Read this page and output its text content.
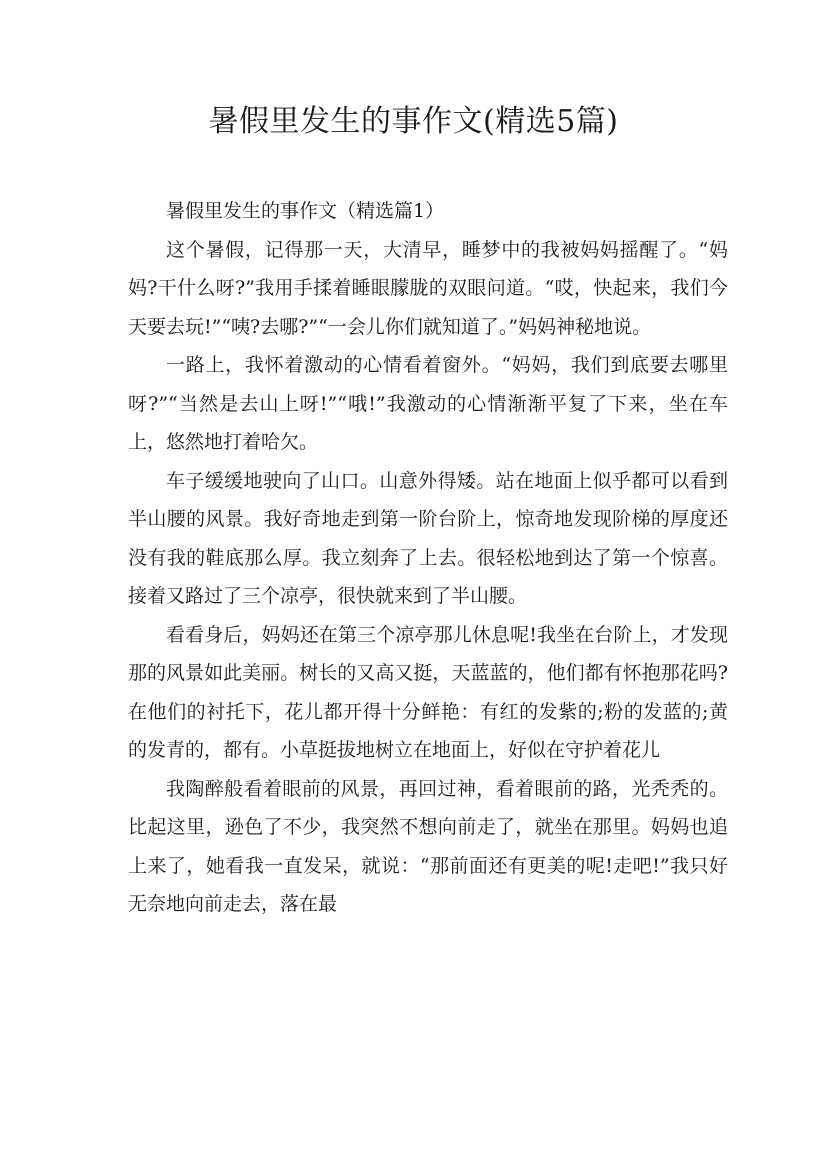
暑假里发生的事作文(精选5篇)

暑假里发生的事作文（精选篇1）

这个暑假，记得那一天，大清早，睡梦中的我被妈妈摇醒了。“妈妈?干什么呀?”我用手揉着睡眼朦胧的双眼问道。“哎，快起来，我们今天要去玩!”“咦?去哪?”“一会儿你们就知道了。”妈妈神秘地说。

一路上，我怀着激动的心情看着窗外。“妈妈，我们到底要去哪里呀?”“当然是去山上呀!”“哦!”我激动的心情渐渐平复了下来，坐在车上，悠然地打着哈欠。

车子缓缓地驶向了山口。山意外得矮。站在地面上似乎都可以看到半山腰的风景。我好奇地走到第一阶台阶上，惊奇地发现阶梯的厚度还没有我的鞋底那么厚。我立刻奔了上去。很轻松地到达了第一个惊喜。接着又路过了三个凉亭，很快就来到了半山腰。

看看身后，妈妈还在第三个凉亭那儿休息呢!我坐在台阶上，才发现那的风景如此美丽。树长的又高又挺，天蓝蓝的，他们都有怀抱那花吗?在他们的衬托下，花儿都开得十分鲜艳：有红的发紫的;粉的发蓝的;黄的发青的，都有。小草挺拔地树立在地面上，好似在守护着花儿

我陶醉般看着眼前的风景，再回过神，看着眼前的路，光秃秃的。比起这里，逊色了不少，我突然不想向前走了，就坐在那里。妈妈也追上来了，她看我一直发呆，就说：“那前面还有更美的呢!走吧!”我只好无奈地向前走去，落在最
